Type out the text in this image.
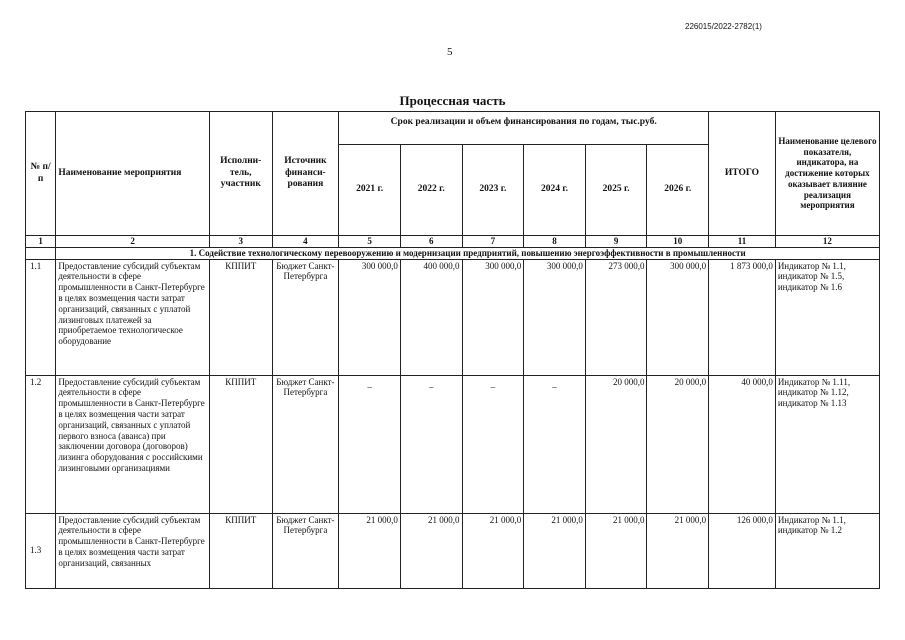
226015/2022-2782(1)
5
Процессная часть
№ п/п	Наименование мероприятия	Исполни-тель, участник	Источник финанси-рования	Срок реализации и объем финансирования по годам, тыс.руб.						ИТОГО	Наименование целевого показателя, индикатора, на достижение которых оказывает влияние реализация мероприятия
				2021 г.	2022 г.	2023 г.	2024 г.	2025 г.	2026 г.		
1	2	3	4	5	6	7	8	9	10	11	12
	1. Содействие технологическому перевооружению и модернизации предприятий, повышению энергоэффективности в промышленности										
1.1	Предоставление субсидий субъектам деятельности в сфере промышленности в Санкт-Петербурге в целях возмещения части затрат организаций, связанных с уплатой лизинговых платежей за приобретаемое технологическое оборудование	КППИТ	Бюджет Санкт-Петербурга	300 000,0	400 000,0	300 000,0	300 000,0	273 000,0	300 000,0	1 873 000,0	Индикатор № 1.1, индикатор № 1.5, индикатор № 1.6
1.2	Предоставление субсидий субъектам деятельности в сфере промышленности в Санкт-Петербурге в целях возмещения части затрат организаций, связанных с уплатой первого взноса (аванса) при заключении договора (договоров) лизинга оборудования с российскими лизинговыми организациями	КППИТ	Бюджет Санкт-Петербурга	–	–	–	–	20 000,0	20 000,0	40 000,0	Индикатор № 1.11, индикатор № 1.12, индикатор № 1.13
1.3	Предоставление субсидий субъектам деятельности в сфере промышленности в Санкт-Петербурге в целях возмещения части затрат организаций, связанных	КППИТ	Бюджет Санкт-Петербурга	21 000,0	21 000,0	21 000,0	21 000,0	21 000,0	21 000,0	126 000,0	Индикатор № 1.1, индикатор № 1.2
